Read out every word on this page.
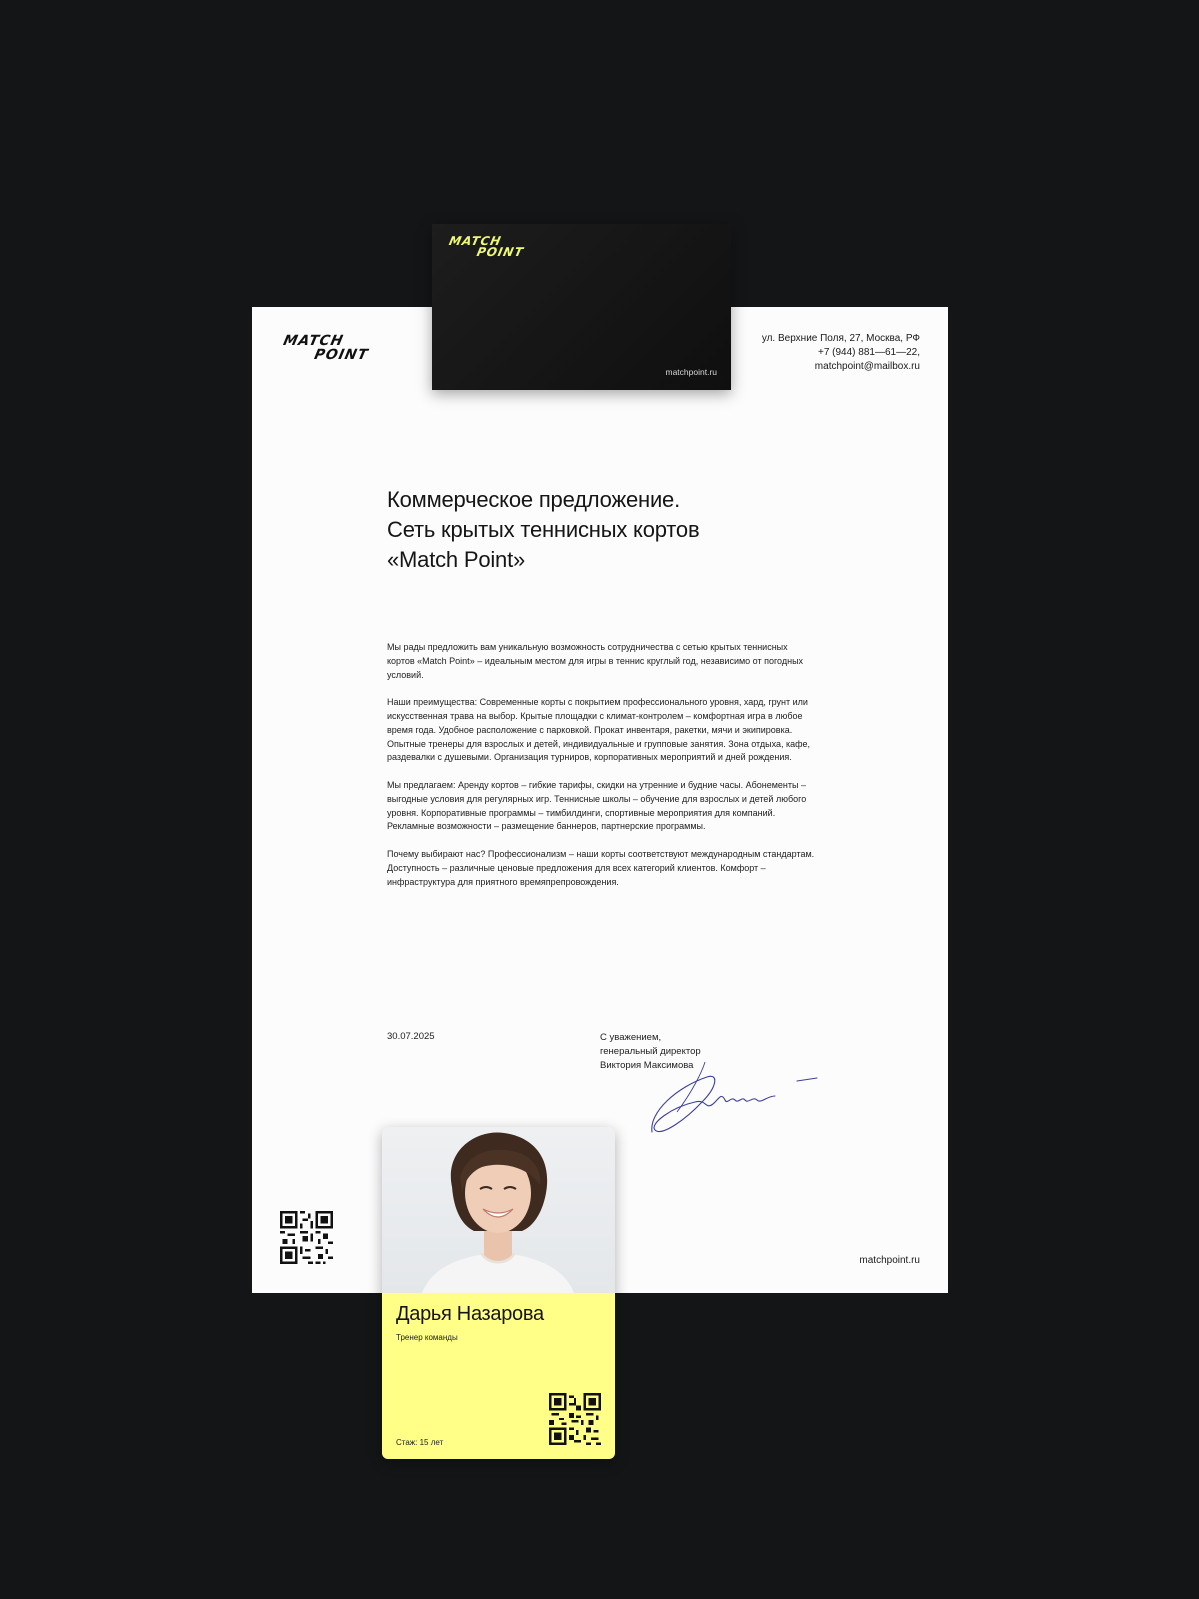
MATCH
POINT
ул. Верхние Поля, 27, Москва, РФ
+7 (944) 881—61—22,
matchpoint@mailbox.ru
Коммерческое предложение.
Сеть крытых теннисных кортов
«Match Point»

Мы рады предложить вам уникальную возможность сотрудничества с сетью крытых теннисных кортов «Match Point» – идеальным местом для игры в теннис круглый год, независимо от погодных условий.

Наши преимущества: Современные корты с покрытием профессионального уровня, хард, грунт или искусственная трава на выбор. Крытые площадки с климат-контролем – комфортная игра в любое время года. Удобное расположение с парковкой. Прокат инвентаря, ракетки, мячи и экипировка. Опытные тренеры для взрослых и детей, индивидуальные и групповые занятия. Зона отдыха, кафе, раздевалки с душевыми. Организация турниров, корпоративных мероприятий и дней рождения.

Мы предлагаем: Аренду кортов – гибкие тарифы, скидки на утренние и будние часы. Абонементы – выгодные условия для регулярных игр. Теннисные школы – обучение для взрослых и детей любого уровня. Корпоративные программы – тимбилдинги, спортивные мероприятия для компаний. Рекламные возможности – размещение баннеров, партнерские программы.

Почему выбирают нас? Профессионализм – наши корты соответствуют международным стандартам. Доступность – различные ценовые предложения для всех категорий клиентов. Комфорт – инфраструктура для приятного времяпрепровождения.

30.07.2025	С уважением,
генеральный директор
Виктория Максимова
matchpoint.ru
MATCH
POINT
matchpoint.ru
Дарья Назарова
Тренер команды
Стаж: 15 лет
